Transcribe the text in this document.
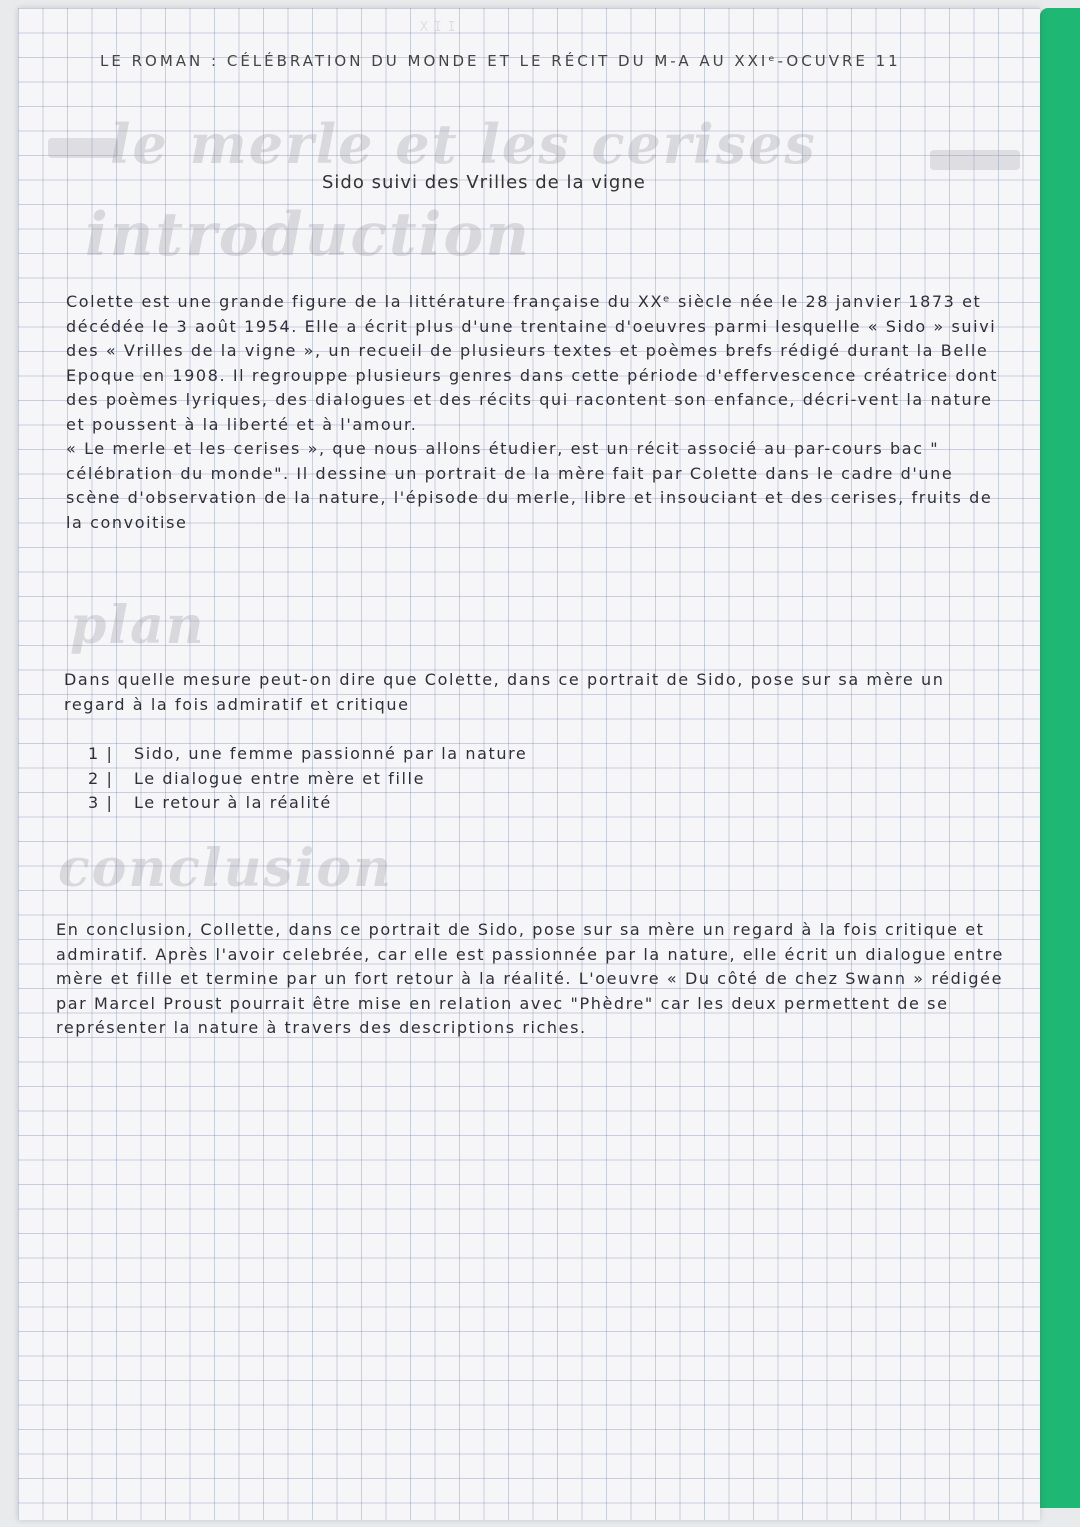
XII
LE ROMAN : CÉLÉBRATION DU MONDE ET LE RÉCIT DU M-A AU XXIᵉ-OCUVRE 11
le merle et les cerises
Sido suivi des Vrilles de la vigne
introduction
Colette est une grande figure de la littérature française du XXᵉ siècle née le 28 janvier 1873 et décédée le 3 août 1954. Elle a écrit plus d'une trentaine d'oeuvres parmi lesquelle « Sido » suivi des « Vrilles de la vigne », un recueil de plusieurs textes et poèmes brefs rédigé durant la Belle Epoque en 1908. Il regrouppe plusieurs genres dans cette période d'effervescence créatrice dont des poèmes lyriques, des dialogues et des récits qui racontent son enfance, décri-vent la nature et poussent à la liberté et à l'amour.
« Le merle et les cerises », que nous allons étudier, est un récit associé au par-cours bac " célébration du monde". Il dessine un portrait de la mère fait par Colette dans le cadre d'une scène d'observation de la nature, l'épisode du merle, libre et insouciant et des cerises, fruits de la convoitise
plan
Dans quelle mesure peut-on dire que Colette, dans ce portrait de Sido, pose sur sa mère un regard à la fois admiratif et critique
1 | Sido, une femme passionné par la nature
2 | Le dialogue entre mère et fille
3 | Le retour à la réalité
conclusion
En conclusion, Collette, dans ce portrait de Sido, pose sur sa mère un regard à la fois critique et admiratif. Après l'avoir celebrée, car elle est passionnée par la nature, elle écrit un dialogue entre mère et fille et termine par un fort retour à la réalité. L'oeuvre « Du côté de chez Swann » rédigée par Marcel Proust pourrait être mise en relation avec "Phèdre" car les deux permettent de se représenter la nature à travers des descriptions riches.
